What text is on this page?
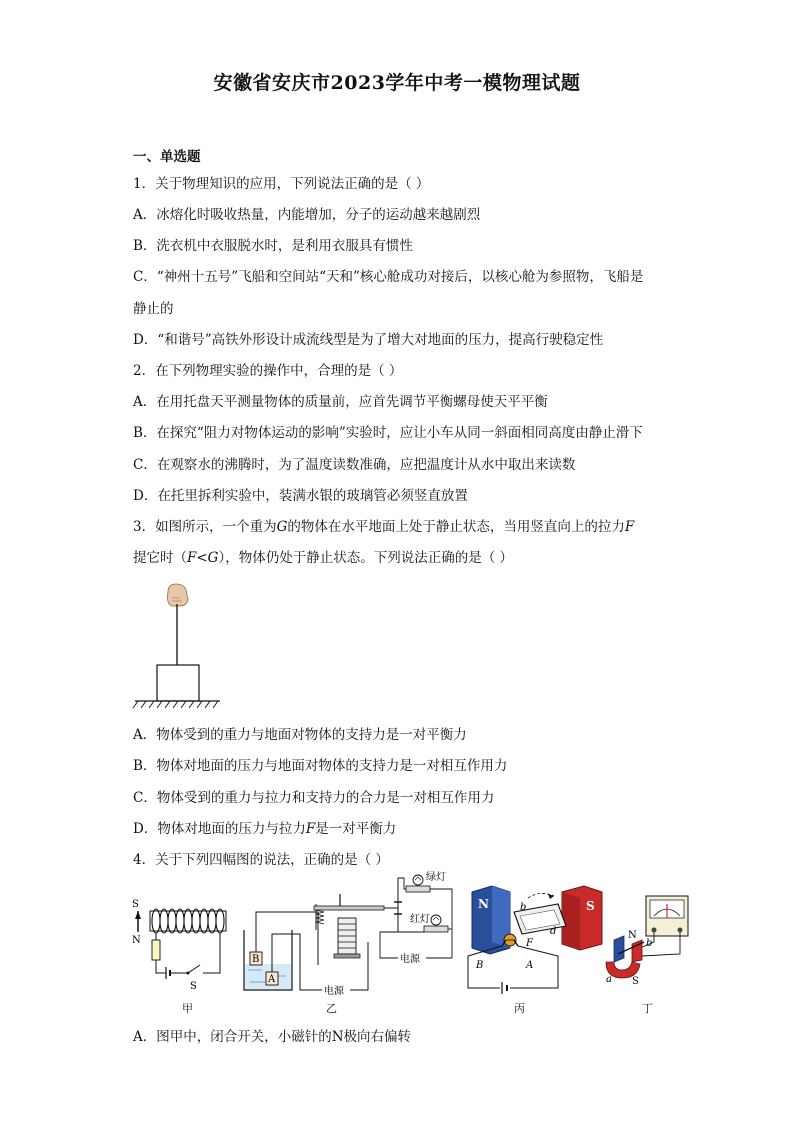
安徽省安庆市2023学年中考一模物理试题
一、单选题
1．关于物理知识的应用，下列说法正确的是（ ）
A．冰熔化时吸收热量，内能增加，分子的运动越来越剧烈
B．洗衣机中衣服脱水时，是利用衣服具有惯性
C．“神州十五号”飞船和空间站“天和”核心舱成功对接后，以核心舱为参照物，飞船是
静止的
D．“和谐号”高铁外形设计成流线型是为了增大对地面的压力，提高行驶稳定性
2．在下列物理实验的操作中，合理的是（ ）
A．在用托盘天平测量物体的质量前，应首先调节平衡螺母使天平平衡
B．在探究“阻力对物体运动的影响”实验时，应让小车从同一斜面相同高度由静止滑下
C．在观察水的沸腾时，为了温度读数准确，应把温度计从水中取出来读数
D．在托里拆利实验中，装满水银的玻璃管必须竖直放置
3．如图所示，一个重为G的物体在水平地面上处于静止状态，当用竖直向上的拉力F
提它时（F<G），物体仍处于静止状态。下列说法正确的是（ ）
A．物体受到的重力与地面对物体的支持力是一对平衡力
B．物体对地面的压力与地面对物体的支持力是一对相互作用力
C．物体受到的重力与拉力和支持力的合力是一对相互作用力
D．物体对地面的压力与拉力F是一对平衡力
4．关于下列四幅图的说法，正确的是（ ）
S
N
S
甲
B
A
电源
绿灯
红灯
电源
乙
N	S
b
F
d
B	A
丙
N
S
a
b
丁
A．图甲中，闭合开关，小磁针的N极向右偏转
